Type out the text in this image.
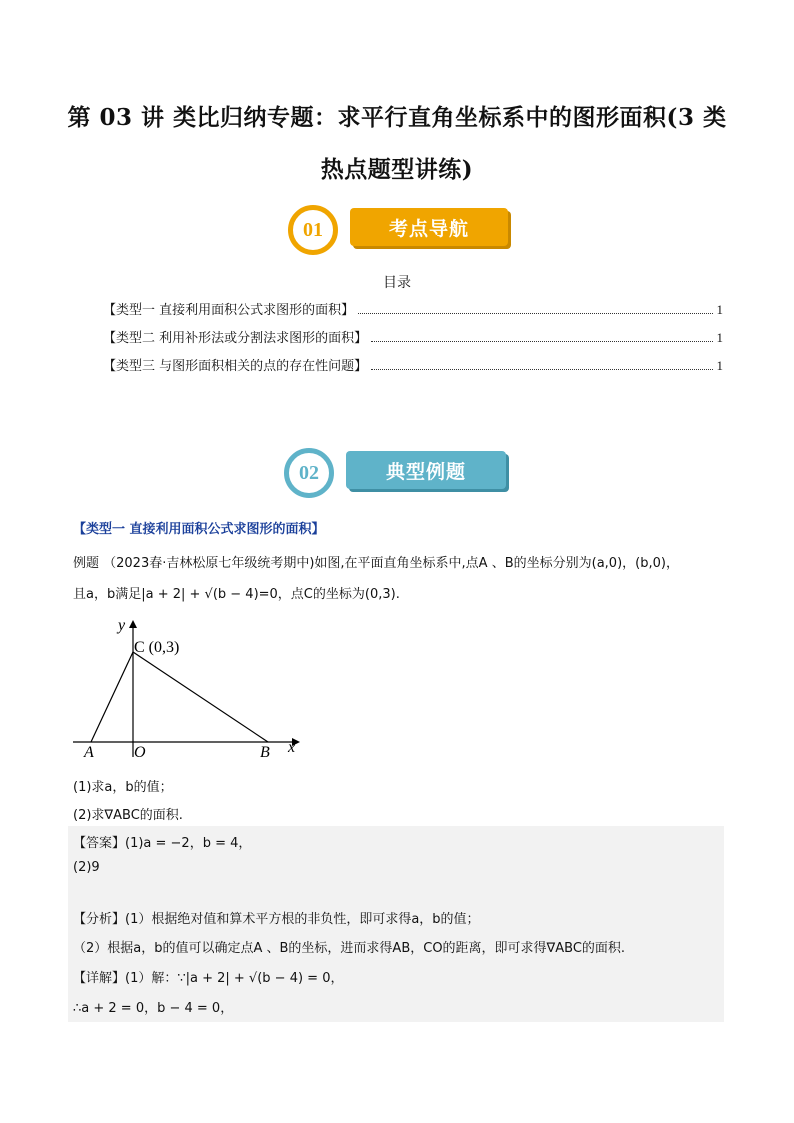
第 03 讲 类比归纳专题：求平行直角坐标系中的图形面积(3 类
热点题型讲练)
考点导航
01
目录
【类型一 直接利用面积公式求图形的面积】	1
【类型二 利用补形法或分割法求图形的面积】	1
【类型三 与图形面积相关的点的存在性问题】	1
典型例题
02
【类型一 直接利用面积公式求图形的面积】
例题 （2023春·吉林松原七年级统考期中)如图,在平面直角坐标系中,点A 、B的坐标分别为(a,0)，(b,0)，
且a，b满足|a + 2| + √(b − 4)=0，点C的坐标为(0,3).
y
x
C (0,3)
A	O	B
(1)求a，b的值；
(2)求∇ABC的面积.
【答案】(1)a = −2，b = 4，
(2)9
【分析】(1）根据绝对值和算术平方根的非负性，即可求得a，b的值；
（2）根据a，b的值可以确定点A 、B的坐标，进而求得AB，CO的距离，即可求得∇ABC的面积.
【详解】(1）解：∵|a + 2| + √(b − 4) = 0，
∴a + 2 = 0，b − 4 = 0，
